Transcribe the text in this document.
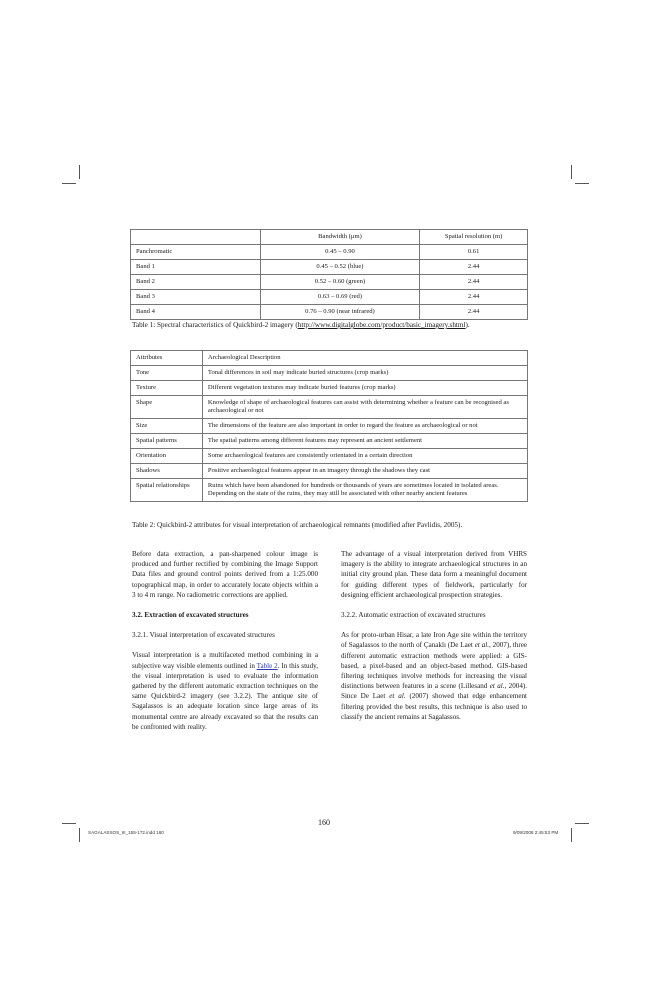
	Bandwidth (μm)	Spatial resolution (m)
Panchromatic	0.45 – 0.90	0.61
Band 1	0.45 – 0.52 (blue)	2.44
Band 2	0.52 – 0.60 (green)	2.44
Band 3	0.63 – 0.69 (red)	2.44
Band 4	0.76 – 0.90 (near infrared)	2.44
Table 1: Spectral characteristics of Quickbird-2 imagery (http://www.digitalglobe.com/product/basic_imagery.shtml).
Attributes	Archaeological Description
Tone	Tonal differences in soil may indicate buried structures (crop marks)
Texture	Different vegetation textures may indicate buried features (crop marks)
Shape	Knowledge of shape of archaeological features can assist with determining whether a feature can be recognised as archaeological or not
Size	The dimensions of the feature are also important in order to regard the feature as archaeological or not
Spatial patterns	The spatial patterns among different features may represent an ancient settlement
Orientation	Some archaeological features are consistently orientated in a certain direction
Shadows	Positive archaeological features appear in an imagery through the shadows they cast
Spatial relationships	Ruins which have been abandoned for hundreds or thousands of years are sometimes located in isolated areas. Depending on the state of the ruins, they may still be associated with other nearby ancient features
Table 2: Quickbird-2 attributes for visual interpretation of archaeological remnants (modified after Pavlidis, 2005).

Before data extraction, a pan-sharpened colour image is produced and further rectified by combining the Image Support Data files and ground control points derived from a 1:25.000 topographical map, in order to accurately locate objects within a 3 to 4 m range. No radiometric corrections are applied.

3.2. Extraction of excavated structures

3.2.1. Visual interpretation of excavated structures

Visual interpretation is a multifaceted method combining in a subjective way visible elements outlined in Table 2. In this study, the visual interpretation is used to evaluate the information gathered by the different automatic extraction techniques on the same Quickbird-2 imagery (see 3.2.2). The antique site of Sagalassos is an adequate location since large areas of its monumental centre are already excavated so that the results can be confronted with reality.

The advantage of a visual interpretation derived from VHRS imagery is the ability to integrate archaeological structures in an initial city ground plan. These data form a meaningful document for guiding different types of fieldwork, particularly for designing efficient archaeological prospection strategies.

3.2.2. Automatic extraction of excavated structures

As for proto-urban Hisar, a late Iron Age site within the territory of Sagalassos to the north of Çanaklı (De Laet et al., 2007), three different automatic extraction methods were applied: a GIS-based, a pixel-based and an object-based method. GIS-based filtering techniques involve methods for increasing the visual distinctions between features in a scene (Lillesand et al., 2004). Since De Laet et al. (2007) showed that edge enhancement filtering provided the best results, this technique is also used to classify the ancient remains at Sagalassos.

160
SAGALASSOS_III_155-172.indd 160	9/09/2008 2:45:53 PM
